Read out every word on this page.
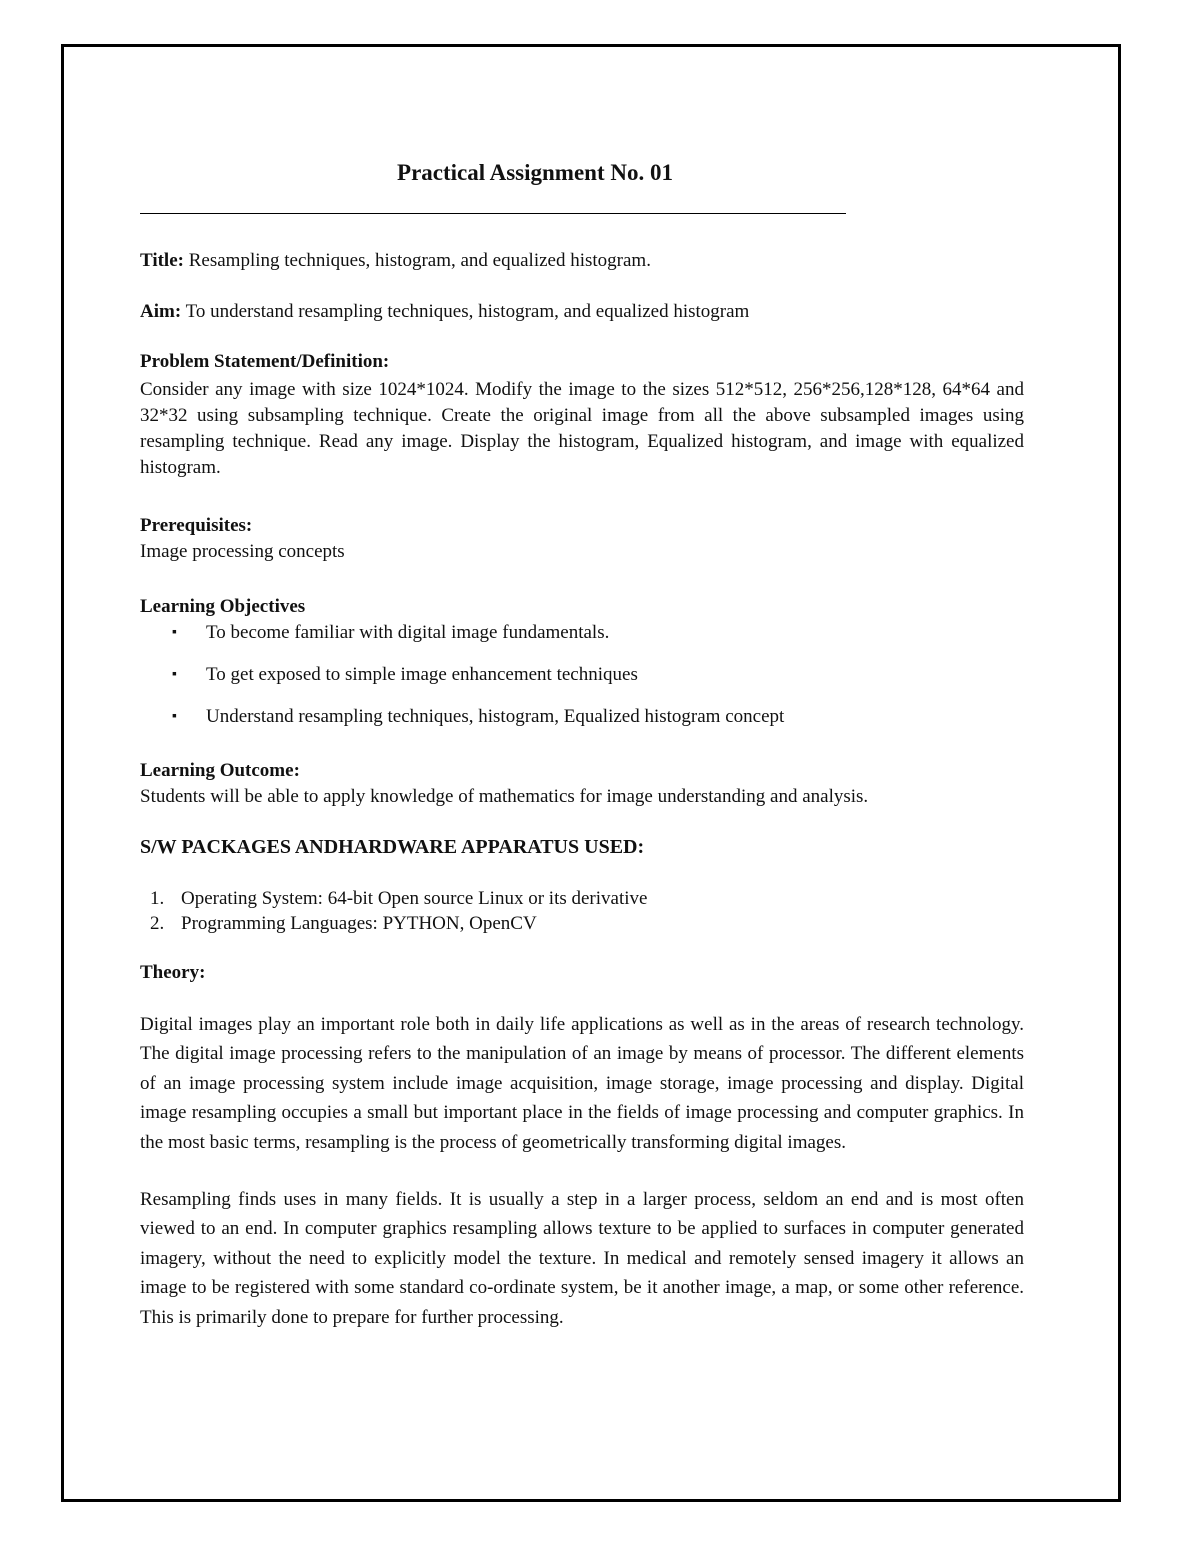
Practical Assignment No. 01

Title: Resampling techniques, histogram, and equalized histogram.

Aim: To understand resampling techniques, histogram, and equalized histogram

Problem Statement/Definition:

Consider any image with size 1024*1024. Modify the image to the sizes 512*512, 256*256,128*128, 64*64 and 32*32 using subsampling technique. Create the original image from all the above subsampled images using resampling technique. Read any image. Display the histogram, Equalized histogram, and image with equalized histogram.

Prerequisites:

Image processing concepts

Learning Objectives

▪ To become familiar with digital image fundamentals.
▪ To get exposed to simple image enhancement techniques
▪ Understand resampling techniques, histogram, Equalized histogram concept

Learning Outcome:

Students will be able to apply knowledge of mathematics for image understanding and analysis.

S/W PACKAGES ANDHARDWARE APPARATUS USED:

1. Operating System: 64-bit Open source Linux or its derivative
2. Programming Languages: PYTHON, OpenCV

Theory:

Digital images play an important role both in daily life applications as well as in the areas of research technology. The digital image processing refers to the manipulation of an image by means of processor. The different elements of an image processing system include image acquisition, image storage, image processing and display. Digital image resampling occupies a small but important place in the fields of image processing and computer graphics. In the most basic terms, resampling is the process of geometrically transforming digital images.

Resampling finds uses in many fields. It is usually a step in a larger process, seldom an end and is most often viewed to an end. In computer graphics resampling allows texture to be applied to surfaces in computer generated imagery, without the need to explicitly model the texture. In medical and remotely sensed imagery it allows an image to be registered with some standard co-ordinate system, be it another image, a map, or some other reference. This is primarily done to prepare for further processing.
